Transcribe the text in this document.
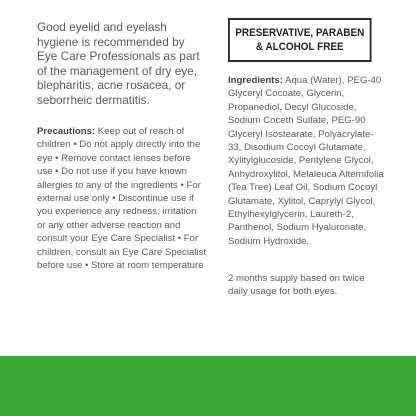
Good eyelid and eyelash hygiene is recommended by Eye Care Professionals as part of the management of dry eye, blepharitis, acne rosacea, or seborrheic dermatitis.

Precautions: Keep out of reach of children • Do not apply directly into the eye • Remove contact lenses before use • Do not use if you have known allergies to any of the ingredients • For external use only • Discontinue use if you experience any redness, irritation or any other adverse reaction and consult your Eye Care Specialist • For children, consult an Eye Care Specialist before use • Store at room temperature

PRESERVATIVE, PARABEN
& ALCOHOL FREE

Ingredients: Aqua (Water), PEG-40 Glyceryl Cocoate, Glycerin, Propanediol, Decyl Glucoside, Sodium Coceth Sulfate, PEG-90 Glyceryl Isostearate, Polyacrylate-33, Disodium Cocoyl Glutamate, Xylitylglucoside, Pentylene Glycol, Anhydroxylitol, Melaleuca Alternifolia (Tea Tree) Leaf Oil, Sodium Cocoyl Glutamate, Xylitol, Caprylyl Glycol, Ethylhexylglycerin, Laureth-2, Panthenol, Sodium Hyaluronate, Sodium Hydroxide.

2 months supply based on twice daily usage for both eyes.
